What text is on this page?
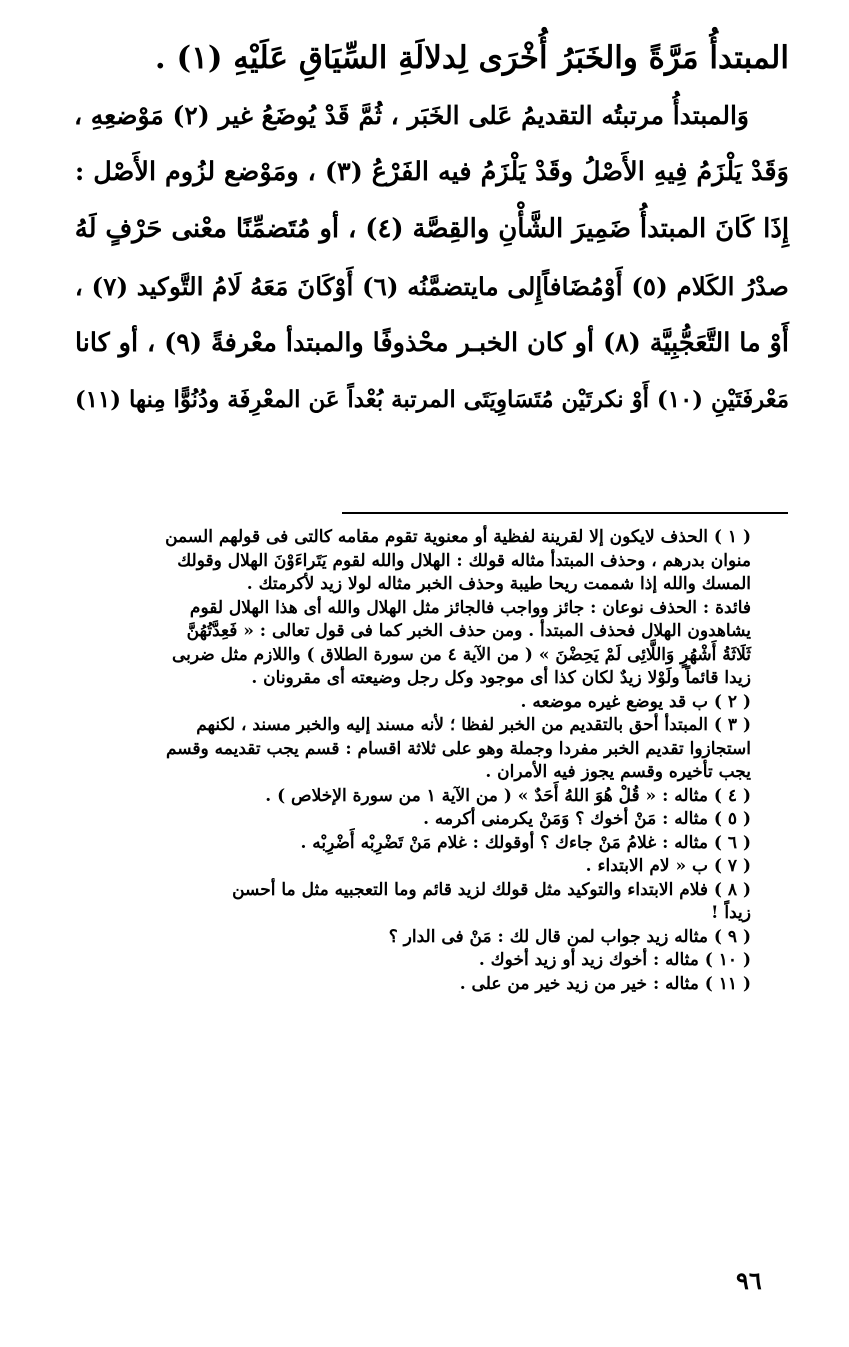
المبتدأُ مَرَّةً والخَبَرُ أُخْرَى لِدلالَةِ السِّيَاقِ عَلَيْهِ (١) .
وَالمبتدأُ مرتبتُه التقديمُ عَلى الخَبَر ، ثُمَّ قَدْ يُوضَعُ غير (٢) مَوْضعِهِ ،
وَقَدْ يَلْزَمُ فِيهِ الأَصْلُ وقَدْ يَلْزَمُ فيه الفَرْعُ (٣) ، ومَوْضع لزُوم الأَصْل :
إِذَا كَانَ المبتدأُ ضَمِيرَ الشَّأْنِ والقِصَّة (٤) ، أو مُتَضمِّنًا معْنى حَرْفٍ لَهُ
صدْرُ الكَلام (٥) أَوْمُضَافاًإِلى مايتضمَّنُه (٦) أَوْكَانَ مَعَهُ لَامُ التَّوكيد (٧) ،
أَوْ ما التَّعَجُّبِيَّة (٨) أو كان الخبـر محْذوفًا والمبتدأ معْرفةً (٩) ، أو كانا
مَعْرفَتَيْنِ (١٠) أَوْ نكرتَيْن مُتَسَاوِيَتَى المرتبة بُعْداً عَن المعْرِفَة ودُنُوًّا مِنها (١١)
( ١ ) الحذف لايكون إلا لقرينة لفظية أو معنوية تقوم مقامه كالتى فى قولهم السمن
منوان بدرهم ، وحذف المبتدأ مثاله قولك : الهلال والله لقوم يَتَراءَوْنَ الهلال وقولك
المسك والله إذا شممت ريحا طيبة وحذف الخبر مثاله لولا زيد لأكرمتك .
فائدة : الحذف نوعان : جائز وواجب فالجائز مثل الهلال والله أى هذا الهلال لقوم
يشاهدون الهلال فحذف المبتدأ . ومن حذف الخبر كما فى قول تعالى : « فَعِدَّتُهُنَّ
ثَلَاثَةُ أَشْهُرٍ وَاللَّائِى لَمْ يَحِضْنَ » ( من الآية ٤ من سورة الطلاق ) واللازم مثل ضربى
زيدا قائماً ولَوْلا زيدٌ لكان كذا أى موجود وكل رجل وضيعته أى مقرونان .
( ٢ ) ب قد يوضع غيره موضعه .
( ٣ ) المبتدأ أحق بالتقديم من الخبر لفظا ؛ لأنه مسند إليه والخبر مسند ، لكنهم
استجازوا تقديم الخبر مفردا وجملة وهو على ثلاثة اقسام : قسم يجب تقديمه وقسم
يجب تأخيره وقسم يجوز فيه الأمران .
( ٤ ) مثاله : « قُلْ هُوَ اللهُ أَحَدٌ » ( من الآية ١ من سورة الإخلاص ) .
( ٥ ) مثاله : مَنْ أخوك ؟ وَمَنْ يكرمنى أكرمه .
( ٦ ) مثاله : غلامُ مَنْ جاءك ؟ أوقولك : غلام مَنْ تَضْرِبْه أَضْرِبْه .
( ٧ ) ب « لام الابتداء .
( ٨ ) فلام الابتداء والتوكيد مثل قولك لزيد قائم وما التعجبيه مثل ما أحسن
زيداً !
( ٩ ) مثاله زيد جواب لمن قال لك : مَنْ فى الدار ؟
( ١٠ ) مثاله : أخوك زيد أو زيد أخوك .
( ١١ ) مثاله : خير من زيد خير من على .
٩٦
